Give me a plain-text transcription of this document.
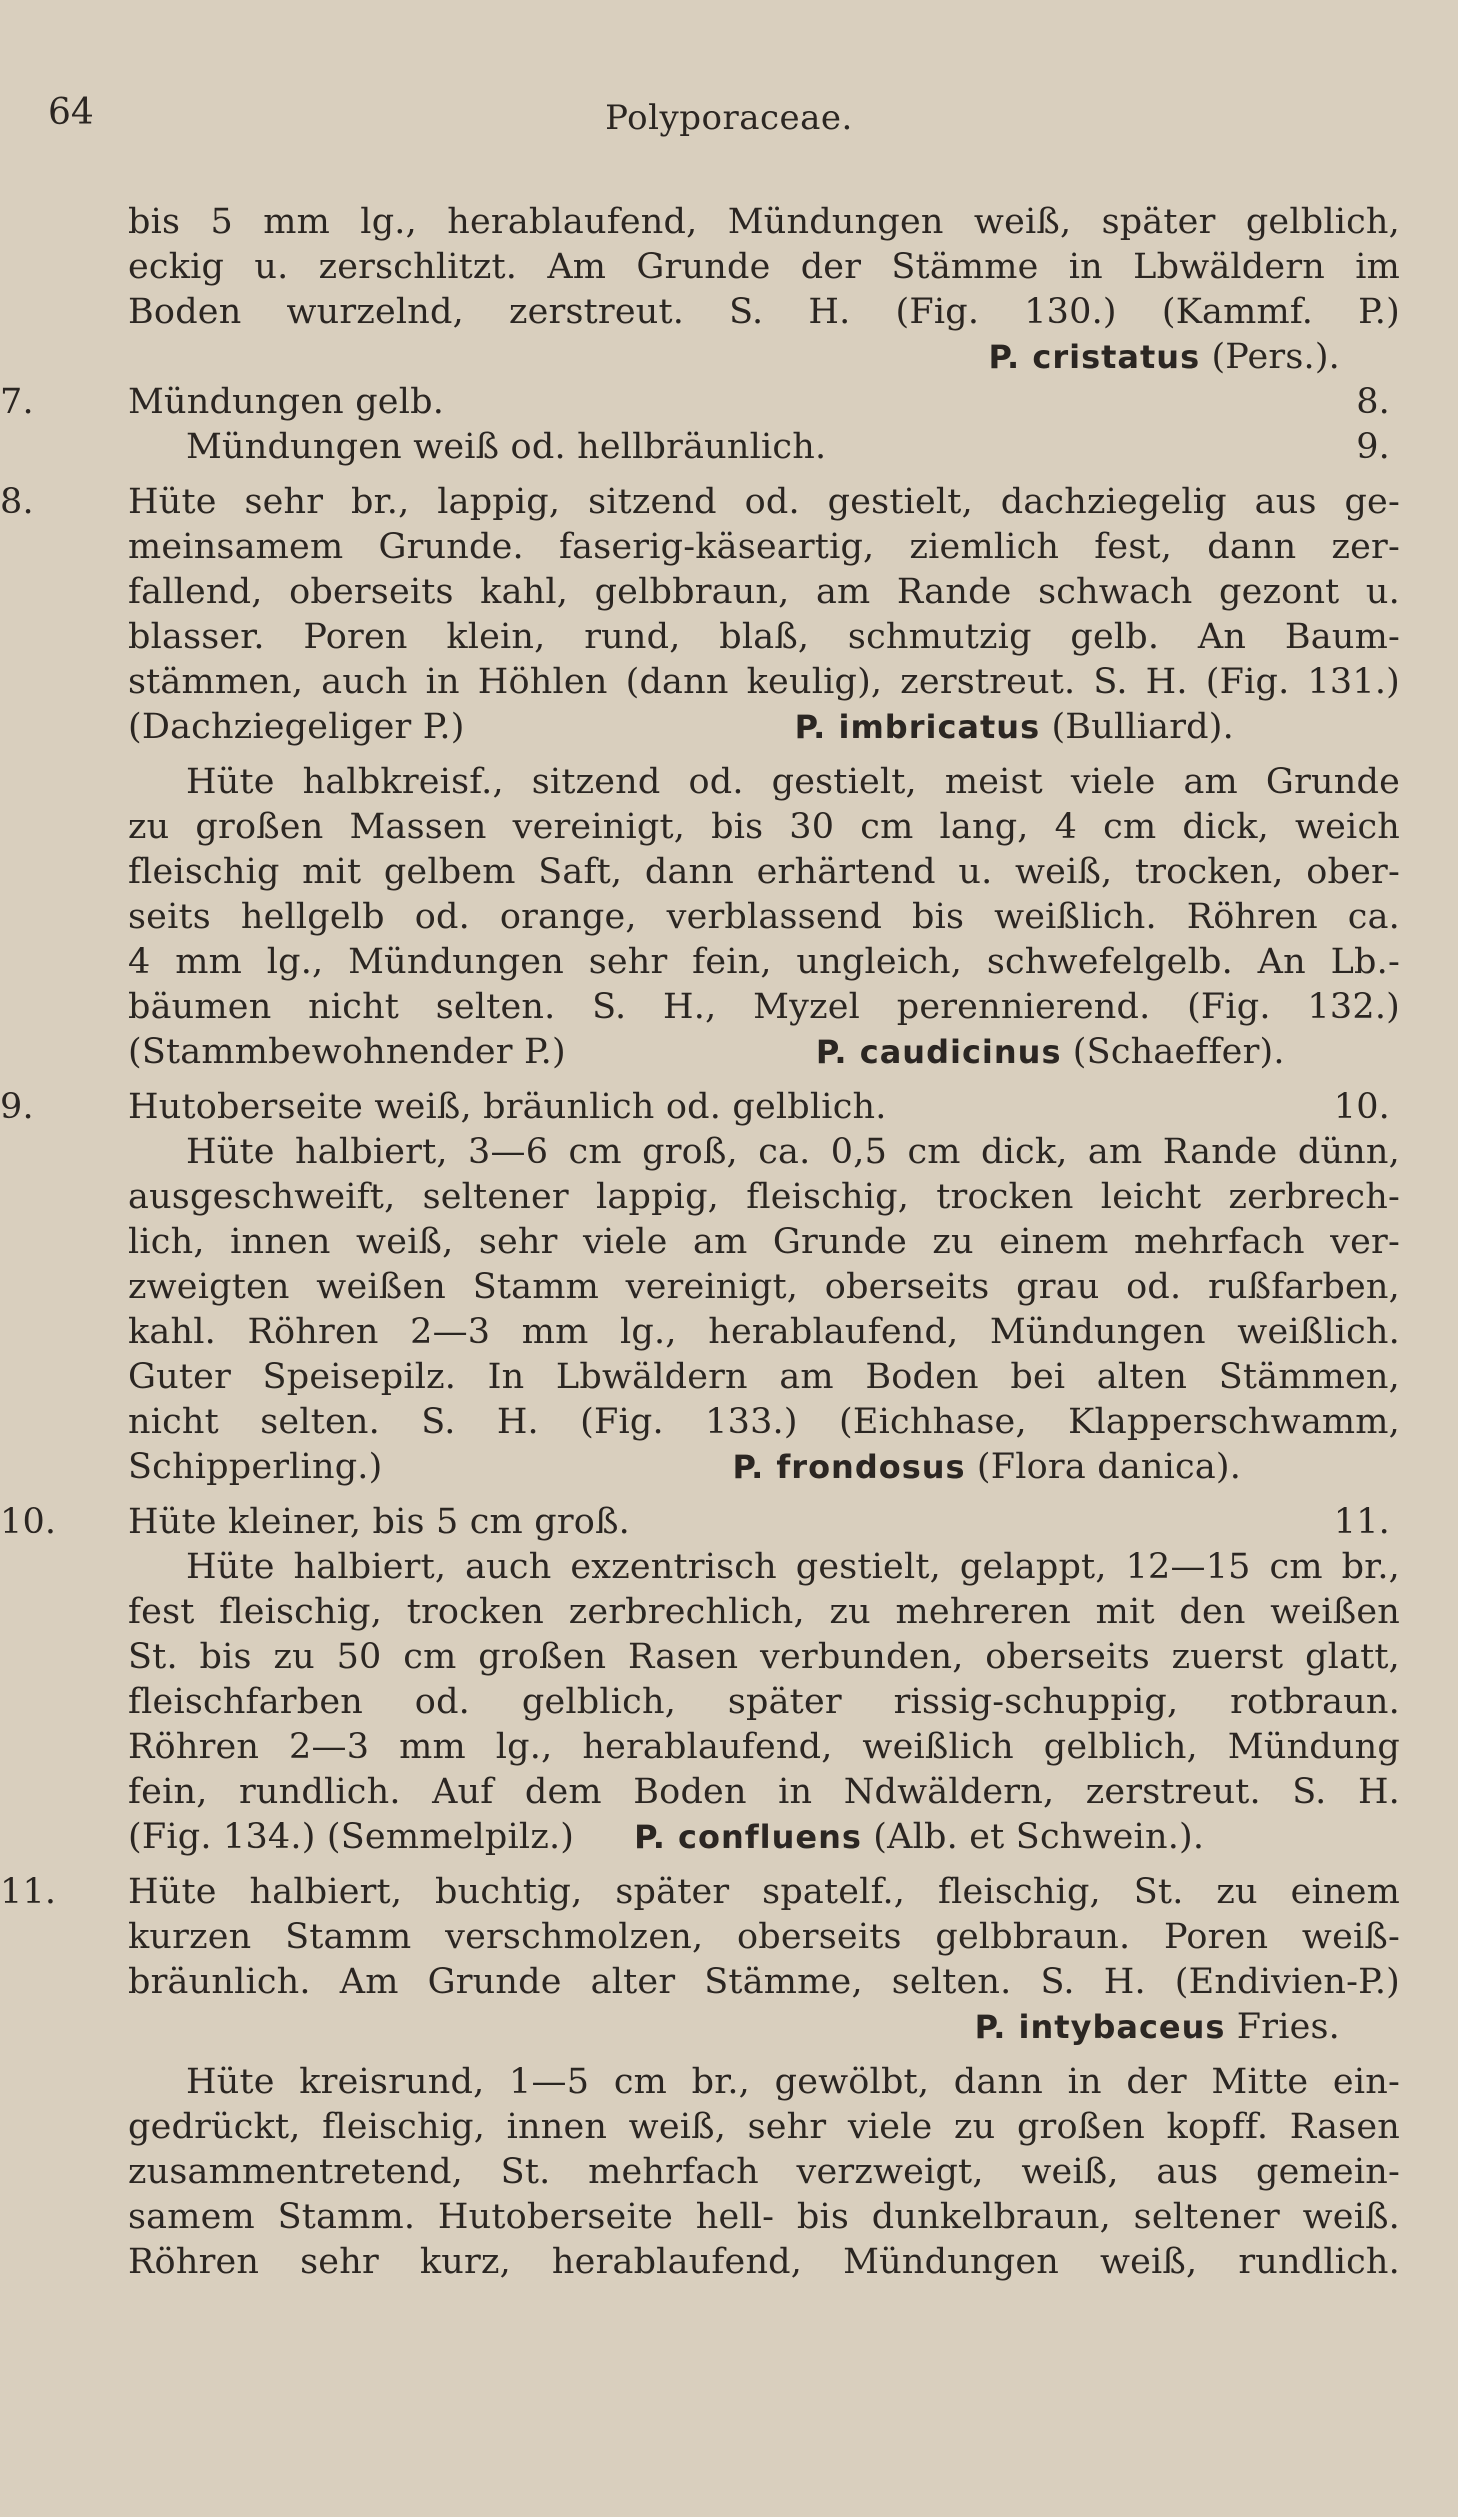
64	Polyporaceae.
bis 5 mm lg., herablaufend, Mündungen weiß, später gelblich,
eckig u. zerschlitzt. Am Grunde der Stämme in Lbwäldern im
Boden wurzelnd, zerstreut. S. H. (Fig. 130.) (Kammf. P.)
P. cristatus (Pers.).
7.	Mündungen gelb.	8.
Mündungen weiß od. hellbräunlich.	9.
8.	Hüte sehr br., lappig, sitzend od. gestielt, dachziegelig aus ge-
meinsamem Grunde. faserig-käseartig, ziemlich fest, dann zer-
fallend, oberseits kahl, gelbbraun, am Rande schwach gezont u.
blasser. Poren klein, rund, blaß, schmutzig gelb. An Baum-
stämmen, auch in Höhlen (dann keulig), zerstreut. S. H. (Fig. 131.)
(Dachziegeliger P.)	P. imbricatus (Bulliard).
Hüte halbkreisf., sitzend od. gestielt, meist viele am Grunde
zu großen Massen vereinigt, bis 30 cm lang, 4 cm dick, weich
fleischig mit gelbem Saft, dann erhärtend u. weiß, trocken, ober-
seits hellgelb od. orange, verblassend bis weißlich. Röhren ca.
4 mm lg., Mündungen sehr fein, ungleich, schwefelgelb. An Lb.-
bäumen nicht selten. S. H., Myzel perennierend. (Fig. 132.)
(Stammbewohnender P.)	P. caudicinus (Schaeffer).
9.	Hutoberseite weiß, bräunlich od. gelblich.	10.
Hüte halbiert, 3—6 cm groß, ca. 0,5 cm dick, am Rande dünn,
ausgeschweift, seltener lappig, fleischig, trocken leicht zerbrech-
lich, innen weiß, sehr viele am Grunde zu einem mehrfach ver-
zweigten weißen Stamm vereinigt, oberseits grau od. rußfarben,
kahl. Röhren 2—3 mm lg., herablaufend, Mündungen weißlich.
Guter Speisepilz. In Lbwäldern am Boden bei alten Stämmen,
nicht selten. S. H. (Fig. 133.) (Eichhase, Klapperschwamm,
Schipperling.)	P. frondosus (Flora danica).
10.	Hüte kleiner, bis 5 cm groß.	11.
Hüte halbiert, auch exzentrisch gestielt, gelappt, 12—15 cm br.,
fest fleischig, trocken zerbrechlich, zu mehreren mit den weißen
St. bis zu 50 cm großen Rasen verbunden, oberseits zuerst glatt,
fleischfarben od. gelblich, später rissig-schuppig, rotbraun.
Röhren 2—3 mm lg., herablaufend, weißlich gelblich, Mündung
fein, rundlich. Auf dem Boden in Ndwäldern, zerstreut. S. H.
(Fig. 134.) (Semmelpilz.) P. confluens (Alb. et Schwein.).
11.	Hüte halbiert, buchtig, später spatelf., fleischig, St. zu einem
kurzen Stamm verschmolzen, oberseits gelbbraun. Poren weiß-
bräunlich. Am Grunde alter Stämme, selten. S. H. (Endivien-P.)
P. intybaceus Fries.
Hüte kreisrund, 1—5 cm br., gewölbt, dann in der Mitte ein-
gedrückt, fleischig, innen weiß, sehr viele zu großen kopff. Rasen
zusammentretend, St. mehrfach verzweigt, weiß, aus gemein-
samem Stamm. Hutoberseite hell- bis dunkelbraun, seltener weiß.
Röhren sehr kurz, herablaufend, Mündungen weiß, rundlich.
